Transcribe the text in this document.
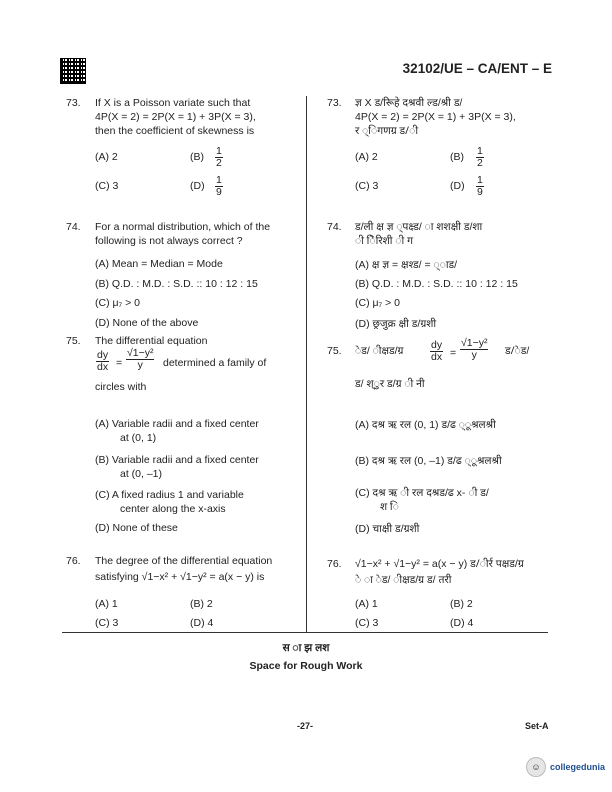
32102/UE – CA/ENT – E
73. If X is a Poisson variate such that
4P(X = 2) = 2P(X = 1) + 3P(X = 3),
then the coefficient of skewness is
(A) 2	$(B) \frac{1}{2}$
(C) 3	$(D) \frac{1}{9}$
74. For a normal distribution, which of the
following is not always correct ?
(A) Mean = Median = Mode
(B) Q.D. : M.D. : S.D. :: 10 : 12 : 15
(C) μ₇ > 0
(D) None of the above
75. The differential equation
$\frac{dy}{dx} = \frac{\text{√1−y²}}{y}$ determined a family of
circles with
(A) Variable radii and a fixed center
at (0, 1)
(B) Variable radii and a fixed center
at (0, –1)
(C) A fixed radius 1 and variable
center along the x-axis
(D) None of these
76. The degree of the differential equation
satisfying √1−x² + √1−y² = a(x − y) is
(A) 1	(B) 2
(C) 3	(D) 4
73. ज्ञ X ड/रूिहे दश्रवी ल्ड/श्री ड/
4P(X = 2) = 2P(X = 1) + 3P(X = 3),
र ्िगणग्र ड/ी
(A) 2	$(B) \frac{1}{2}$
(C) 3	$(D) \frac{1}{9}$
74. ड/ली क्ष ज्ञ ्पक्ष्ड/ ा शशक्षी ड/शा
ी ेिरिशी ी ग
(A) क्ष ज्ञ = क्षश्ड/ = ्ाड/
(B) Q.D. : M.D. : S.D. :: 10 : 12 : 15
(C) μ₇ > 0
(D) छ्रजुक्र क्षी ड/ग्रशी
75. ेड/ ीक्षड/ग्र	$\frac{dy}{dx} = \frac{\text{√1−y²}}{y}$ ड/ेड/
ड/ श्ुर ड/ग्र ी नी
(A) दश्र ऋ रल (0, 1) ड/ढ ्ूश्रलश्री
(B) दश्र ऋ रल (0, –1) ड/ढ ्ूश्रलश्री
(C) दश्र ऋ ी रल दश्रड/ढ x- ी ड/
श ि
(D) चाक्षी ड/ग्रशी
76. √1−x² + √1−y² = a(x − y) ड/ीर्र पक्षड/ग्र
े ा ेड/ ीक्षड/ग्र ड/ तरी
(A) 1	(B) 2
(C) 3	(D) 4
स ा झ लश
Space for Rough Work
-27-	Set-A
☺	collegedunia
